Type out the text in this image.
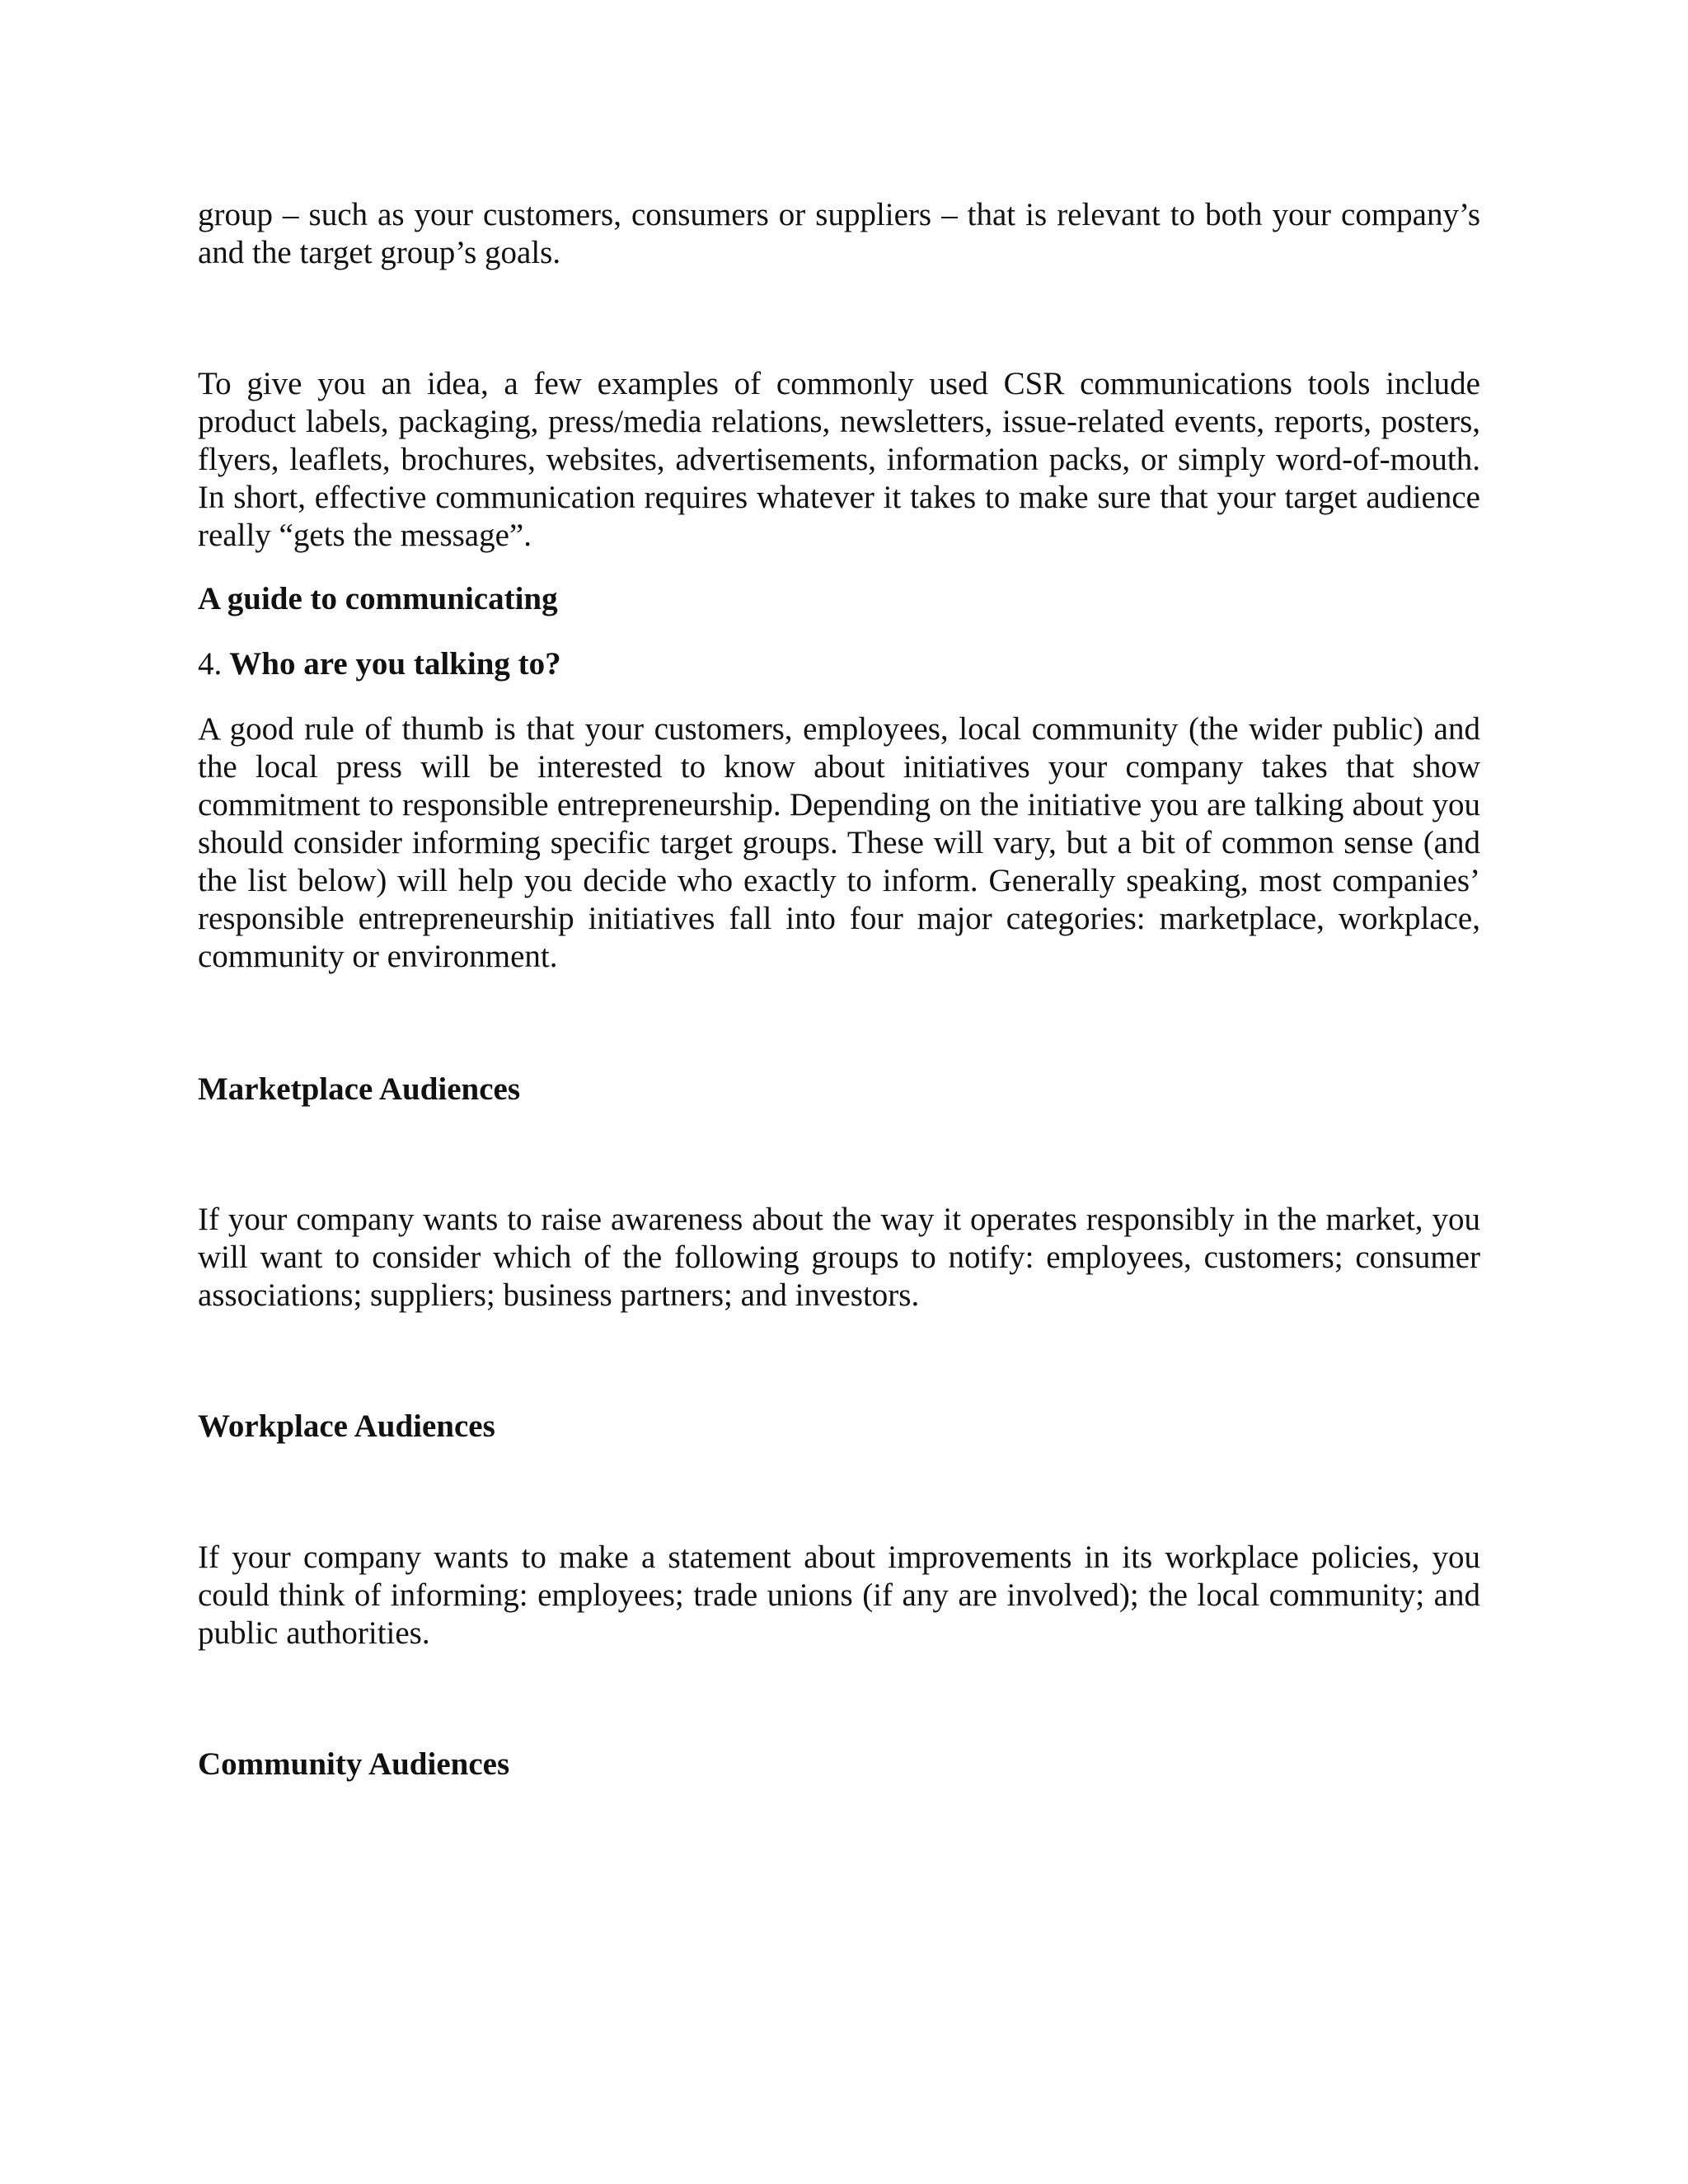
group – such as your customers, consumers or suppliers – that is relevant to both your company’s and the target group’s goals.

To give you an idea, a few examples of commonly used CSR communications tools include product labels, packaging, press/media relations, newsletters, issue-related events, reports, posters, flyers, leaflets, brochures, websites, advertisements, information packs, or simply word-of-mouth. In short, effective communication requires whatever it takes to make sure that your target audience really “gets the message”.

A guide to communicating

4. Who are you talking to?

A good rule of thumb is that your customers, employees, local community (the wider public) and the local press will be interested to know about initiatives your company takes that show commitment to responsible entrepreneurship. Depending on the initiative you are talking about you should consider informing specific target groups. These will vary, but a bit of common sense (and the list below) will help you decide who exactly to inform. Generally speaking, most companies’ responsible entrepreneurship initiatives fall into four major categories: marketplace, workplace, community or environment.

Marketplace Audiences

If your company wants to raise awareness about the way it operates responsibly in the market, you will want to consider which of the following groups to notify: employees, customers; consumer associations; suppliers; business partners; and investors.

Workplace Audiences

If your company wants to make a statement about improvements in its workplace policies, you could think of informing: employees; trade unions (if any are involved); the local community; and public authorities.

Community Audiences
